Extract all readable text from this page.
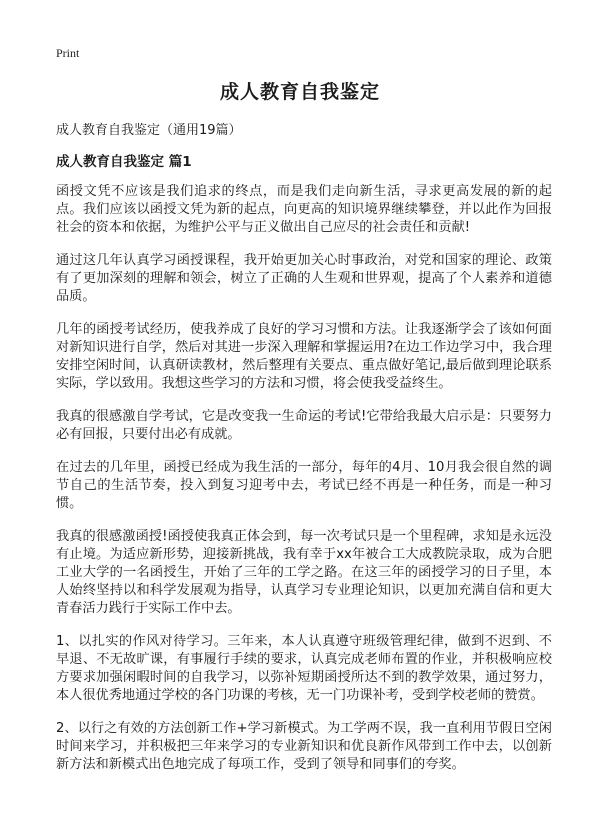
Print
成人教育自我鉴定

成人教育自我鉴定（通用19篇）

成人教育自我鉴定 篇1

函授文凭不应该是我们追求的终点，而是我们走向新生活，寻求更高发展的新的起点。我们应该以函授文凭为新的起点，向更高的知识境界继续攀登，并以此作为回报社会的资本和依据，为维护公平与正义做出自己应尽的社会责任和贡献!

通过这几年认真学习函授课程，我开始更加关心时事政治，对党和国家的理论、政策有了更加深刻的理解和领会，树立了正确的人生观和世界观，提高了个人素养和道德品质。

几年的函授考试经历，使我养成了良好的学习习惯和方法。让我逐渐学会了该如何面对新知识进行自学，然后对其进一步深入理解和掌握运用?在边工作边学习中，我合理安排空闲时间，认真研读教材，然后整理有关要点、重点做好笔记,最后做到理论联系实际，学以致用。我想这些学习的方法和习惯，将会使我受益终生。

我真的很感激自学考试，它是改变我一生命运的考试!它带给我最大启示是：只要努力必有回报，只要付出必有成就。

在过去的几年里，函授已经成为我生活的一部分，每年的4月、10月我会很自然的调节自己的生活节奏，投入到复习迎考中去，考试已经不再是一种任务，而是一种习惯。

我真的很感激函授!函授使我真正体会到，每一次考试只是一个里程碑，求知是永远没有止境。为适应新形势，迎接新挑战，我有幸于xx年被合工大成教院录取，成为合肥工业大学的一名函授生，开始了三年的工学之路。在这三年的函授学习的日子里，本人始终坚持以和科学发展观为指导，认真学习专业理论知识，以更加充满自信和更大青春活力践行于实际工作中去。

1、以扎实的作风对待学习。三年来，本人认真遵守班级管理纪律，做到不迟到、不早退、不无故旷课，有事履行手续的要求，认真完成老师布置的作业，并积极响应校方要求加强闲暇时间的自我学习，以弥补短期函授所达不到的教学效果，通过努力，本人很优秀地通过学校的各门功课的考核，无一门功课补考，受到学校老师的赞赏。

2、以行之有效的方法创新工作+学习新模式。为工学两不误，我一直利用节假日空闲时间来学习，并积极把三年来学习的专业新知识和优良新作风带到工作中去，以创新新方法和新模式出色地完成了每项工作，受到了领导和同事们的夸奖。
